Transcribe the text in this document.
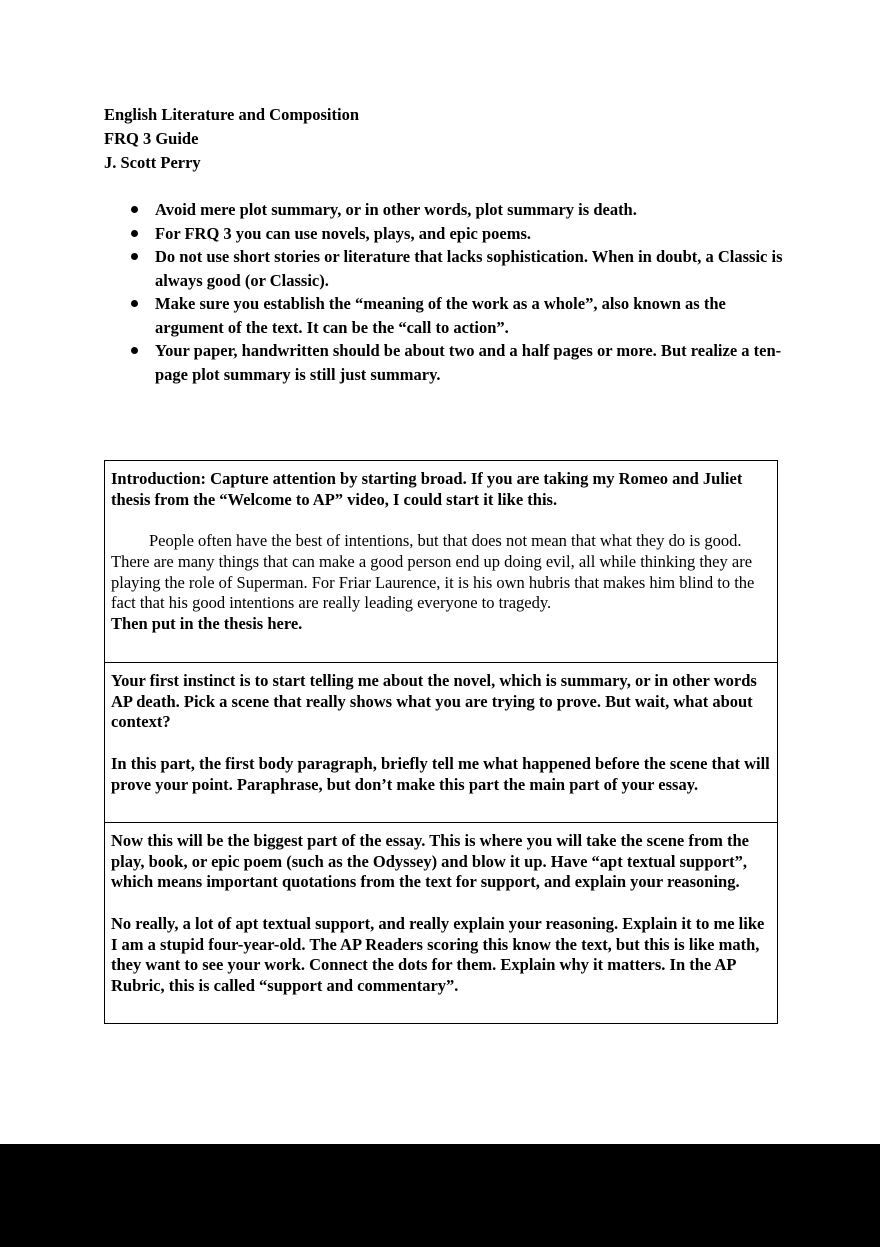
English Literature and Composition
FRQ 3 Guide
J. Scott Perry
Avoid mere plot summary, or in other words, plot summary is death.
For FRQ 3 you can use novels, plays, and epic poems.
Do not use short stories or literature that lacks sophistication. When in doubt, a Classic is always good (or Classic).
Make sure you establish the “meaning of the work as a whole”, also known as the argument of the text. It can be the “call to action”.
Your paper, handwritten should be about two and a half pages or more. But realize a ten-page plot summary is still just summary.
Introduction: Capture attention by starting broad. If you are taking my Romeo and Juliet thesis from the “Welcome to AP” video, I could start it like this.
People often have the best of intentions, but that does not mean that what they do is good. There are many things that can make a good person end up doing evil, all while thinking they are playing the role of Superman. For Friar Laurence, it is his own hubris that makes him blind to the fact that his good intentions are really leading everyone to tragedy.
Then put in the thesis here.
Your first instinct is to start telling me about the novel, which is summary, or in other words AP death. Pick a scene that really shows what you are trying to prove. But wait, what about context?
In this part, the first body paragraph, briefly tell me what happened before the scene that will prove your point. Paraphrase, but don’t make this part the main part of your essay.
Now this will be the biggest part of the essay. This is where you will take the scene from the play, book, or epic poem (such as the Odyssey) and blow it up. Have “apt textual support”, which means important quotations from the text for support, and explain your reasoning.
No really, a lot of apt textual support, and really explain your reasoning. Explain it to me like I am a stupid four-year-old. The AP Readers scoring this know the text, but this is like math, they want to see your work. Connect the dots for them. Explain why it matters. In the AP Rubric, this is called “support and commentary”.
